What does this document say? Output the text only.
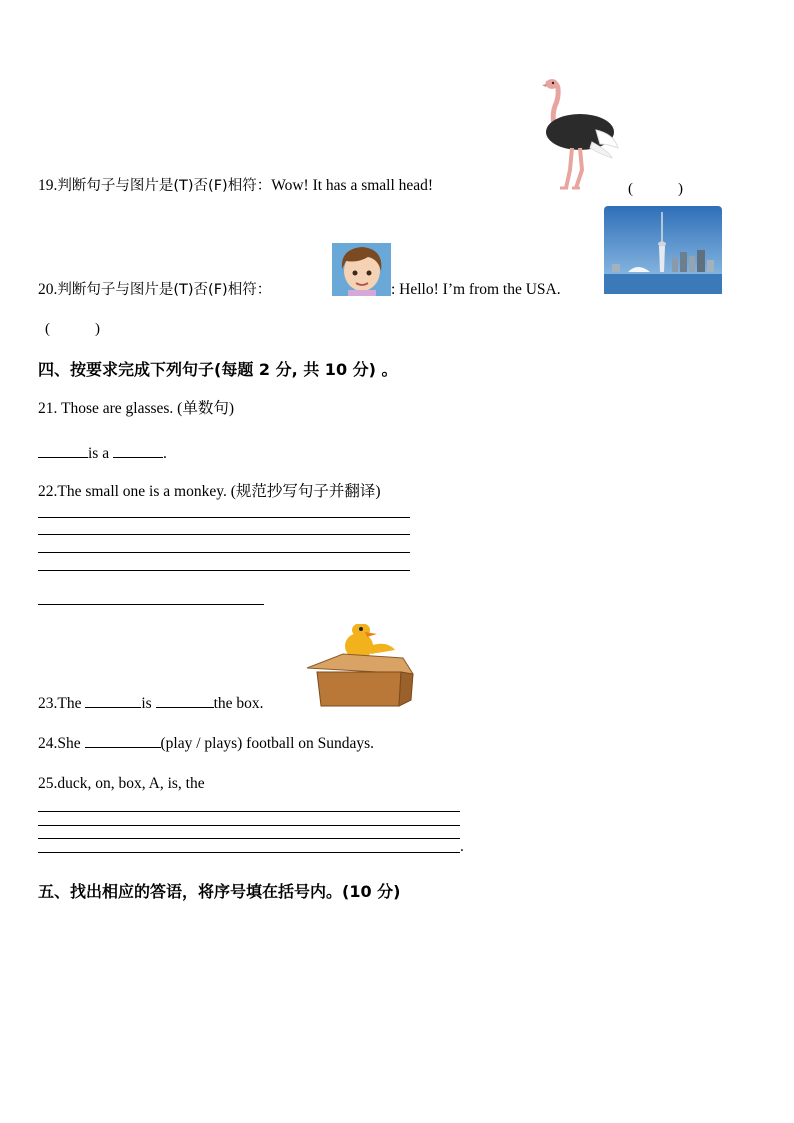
19.判断句子与图片是(T)否(F)相符：Wow! It has a small head!	(　　　)
20.判断句子与图片是(T)否(F)相符：	: Hello! I’m from the USA.
(　　　)
四、按要求完成下列句子(每题 2 分, 共 10 分) 。
21. Those are glasses. (单数句)
is a	.
22.The small one is a monkey. (规范抄写句子并翻译)
23.The	is	the box.
24.She	(play / plays) football on Sundays.
25.duck, on, box, A, is, the
.
五、找出相应的答语，将序号填在括号内。(10 分)
